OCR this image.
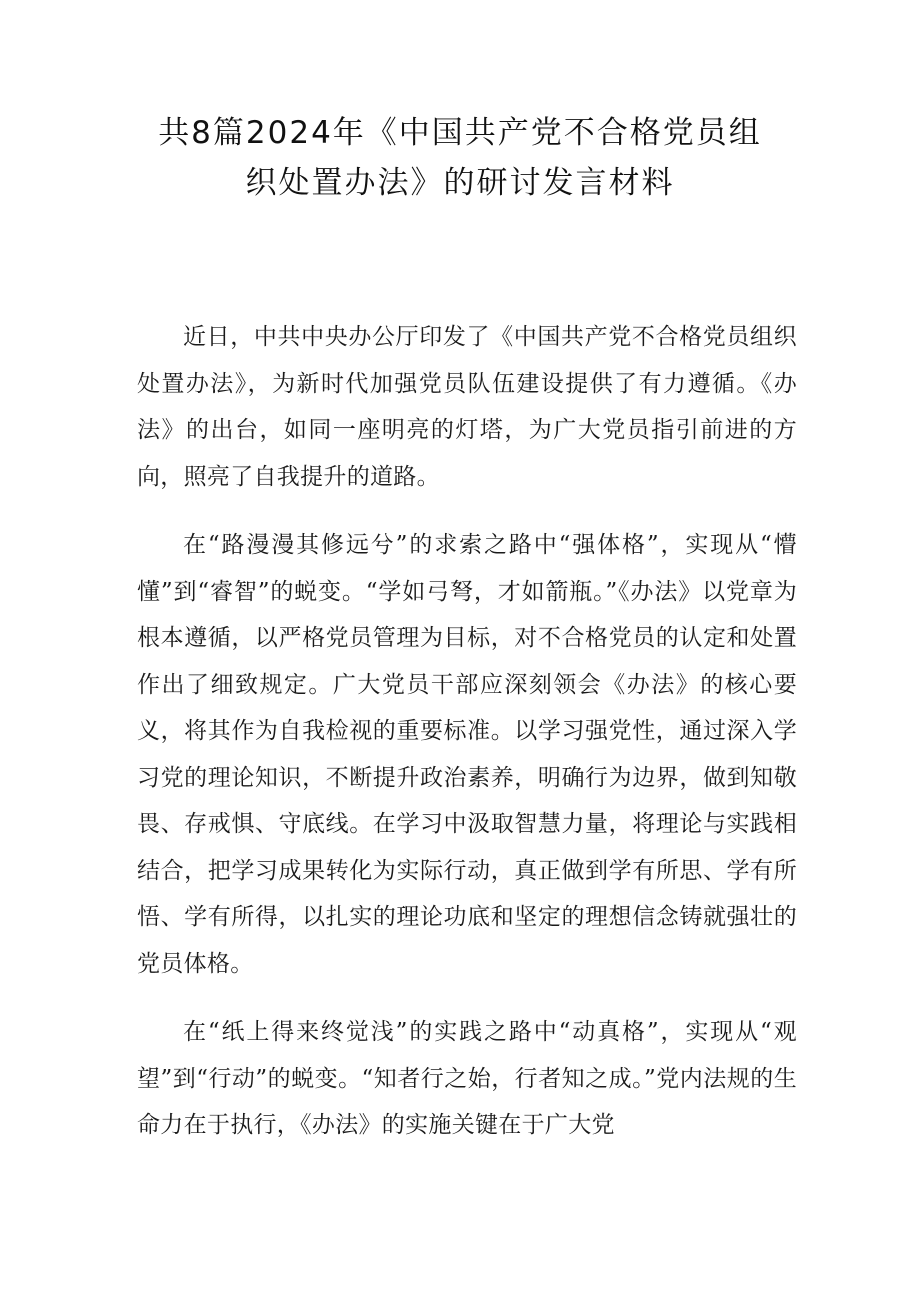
共8篇2024年《中国共产党不合格党员组
织处置办法》的研讨发言材料

近日，中共中央办公厅印发了《中国共产党不合格党员组织处置办法》，为新时代加强党员队伍建设提供了有力遵循。《办法》的出台，如同一座明亮的灯塔，为广大党员指引前进的方向，照亮了自我提升的道路。

在“路漫漫其修远兮”的求索之路中“强体格”，实现从“懵懂”到“睿智”的蜕变。“学如弓弩，才如箭瓶。”《办法》以党章为根本遵循，以严格党员管理为目标，对不合格党员的认定和处置作出了细致规定。广大党员干部应深刻领会《办法》的核心要义，将其作为自我检视的重要标准。以学习强党性，通过深入学习党的理论知识，不断提升政治素养，明确行为边界，做到知敬畏、存戒惧、守底线。在学习中汲取智慧力量，将理论与实践相结合，把学习成果转化为实际行动，真正做到学有所思、学有所悟、学有所得，以扎实的理论功底和坚定的理想信念铸就强壮的党员体格。

在“纸上得来终觉浅”的实践之路中“动真格”，实现从“观望”到“行动”的蜕变。“知者行之始，行者知之成。”党内法规的生命力在于执行，《办法》的实施关键在于广大党
